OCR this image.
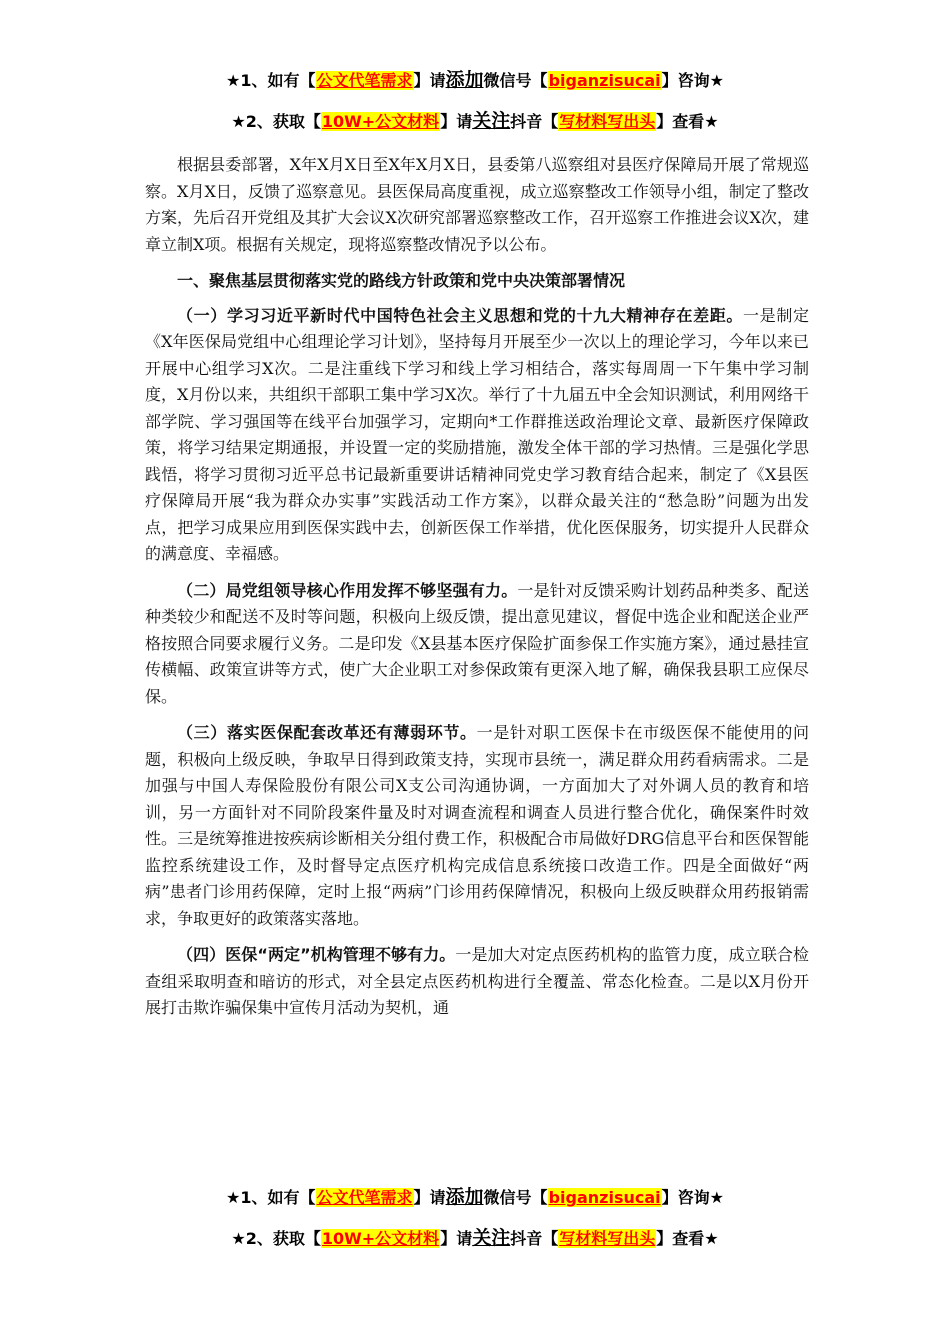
★1、如有【公文代笔需求】请添加微信号【biganzisucai】咨询★
★2、获取【10W+公文材料】请关注抖音【写材料写出头】查看★

根据县委部署，X年X月X日至X年X月X日，县委第八巡察组对县医疗保障局开展了常规巡察。X月X日，反馈了巡察意见。县医保局高度重视，成立巡察整改工作领导小组，制定了整改方案，先后召开党组及其扩大会议X次研究部署巡察整改工作，召开巡察工作推进会议X次，建章立制X项。根据有关规定，现将巡察整改情况予以公布。

一、聚焦基层贯彻落实党的路线方针政策和党中央决策部署情况

（一）学习习近平新时代中国特色社会主义思想和党的十九大精神存在差距。一是制定《X年医保局党组中心组理论学习计划》，坚持每月开展至少一次以上的理论学习，今年以来已开展中心组学习X次。二是注重线下学习和线上学习相结合，落实每周周一下午集中学习制度，X月份以来，共组织干部职工集中学习X次。举行了十九届五中全会知识测试，利用网络干部学院、学习强国等在线平台加强学习，定期向*工作群推送政治理论文章、最新医疗保障政策，将学习结果定期通报，并设置一定的奖励措施，激发全体干部的学习热情。三是强化学思践悟，将学习贯彻习近平总书记最新重要讲话精神同党史学习教育结合起来，制定了《X县医疗保障局开展“我为群众办实事”实践活动工作方案》，以群众最关注的“愁急盼”问题为出发点，把学习成果应用到医保实践中去，创新医保工作举措，优化医保服务，切实提升人民群众的满意度、幸福感。

（二）局党组领导核心作用发挥不够坚强有力。一是针对反馈采购计划药品种类多、配送种类较少和配送不及时等问题，积极向上级反馈，提出意见建议，督促中选企业和配送企业严格按照合同要求履行义务。二是印发《X县基本医疗保险扩面参保工作实施方案》，通过悬挂宣传横幅、政策宣讲等方式，使广大企业职工对参保政策有更深入地了解，确保我县职工应保尽保。

（三）落实医保配套改革还有薄弱环节。一是针对职工医保卡在市级医保不能使用的问题，积极向上级反映，争取早日得到政策支持，实现市县统一，满足群众用药看病需求。二是加强与中国人寿保险股份有限公司X支公司沟通协调，一方面加大了对外调人员的教育和培训，另一方面针对不同阶段案件量及时对调查流程和调查人员进行整合优化，确保案件时效性。三是统筹推进按疾病诊断相关分组付费工作，积极配合市局做好DRG信息平台和医保智能监控系统建设工作，及时督导定点医疗机构完成信息系统接口改造工作。四是全面做好“两病”患者门诊用药保障，定时上报“两病”门诊用药保障情况，积极向上级反映群众用药报销需求，争取更好的政策落实落地。

（四）医保“两定”机构管理不够有力。一是加大对定点医药机构的监管力度，成立联合检查组采取明查和暗访的形式，对全县定点医药机构进行全覆盖、常态化检查。二是以X月份开展打击欺诈骗保集中宣传月活动为契机，通

★1、如有【公文代笔需求】请添加微信号【biganzisucai】咨询★
★2、获取【10W+公文材料】请关注抖音【写材料写出头】查看★
